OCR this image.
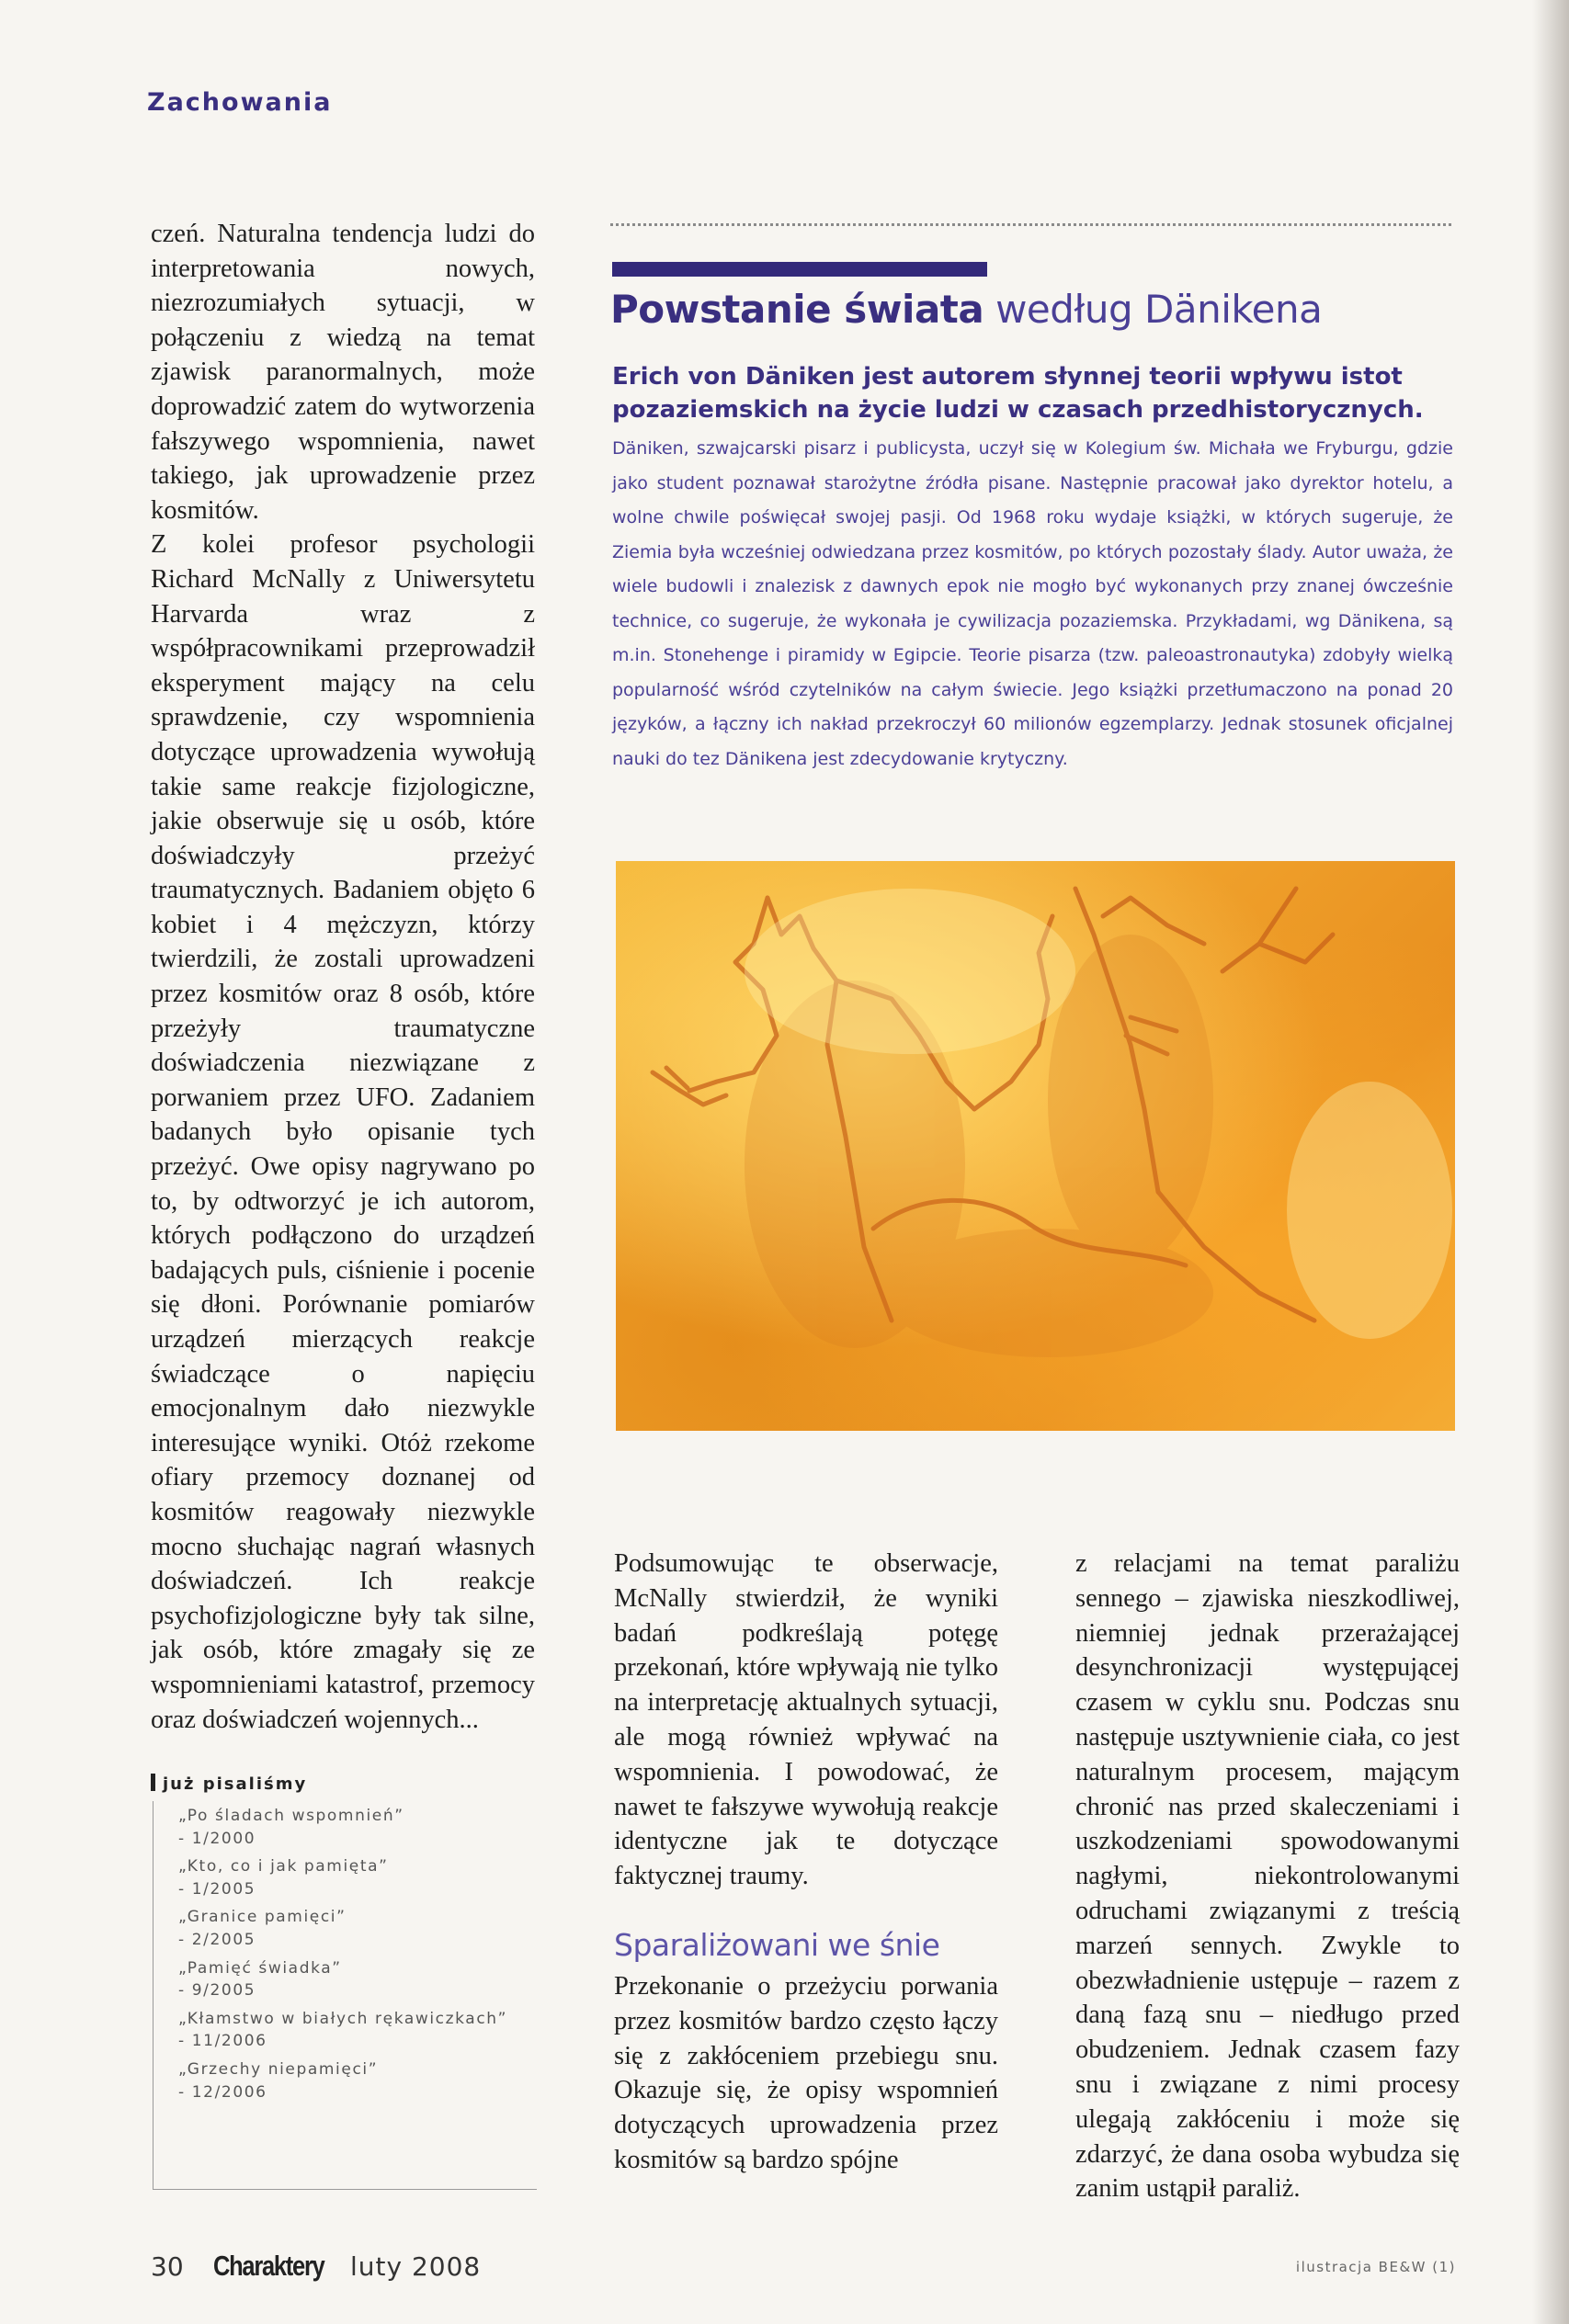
Zachowania

czeń. Naturalna tendencja ludzi do interpretowania nowych, niezrozumiałych sytuacji, w połączeniu z wiedzą na temat zjawisk paranormalnych, może doprowadzić zatem do wytworzenia fałszywego wspomnienia, nawet takiego, jak uprowadzenie przez kosmitów.

Z kolei profesor psychologii Richard McNally z Uniwersytetu Harvarda wraz z współpracownikami przeprowadził eksperyment mający na celu sprawdzenie, czy wspomnienia dotyczące uprowadzenia wywołują takie same reakcje fizjologiczne, jakie obserwuje się u osób, które doświadczyły przeżyć traumatycznych. Badaniem objęto 6 kobiet i 4 mężczyzn, którzy twierdzili, że zostali uprowadzeni przez kosmitów oraz 8 osób, które przeżyły traumatyczne doświadczenia niezwiązane z porwaniem przez UFO. Zadaniem badanych było opisanie tych przeżyć. Owe opisy nagrywano po to, by odtworzyć je ich autorom, których podłączono do urządzeń badających puls, ciśnienie i pocenie się dłoni. Porównanie pomiarów urządzeń mierzących reakcje świadczące o napięciu emocjonalnym dało niezwykle interesujące wyniki. Otóż rzekome ofiary przemocy doznanej od kosmitów reagowały niezwykle mocno słuchając nagrań własnych doświadczeń. Ich reakcje psychofizjologiczne były tak silne, jak osób, które zmagały się ze wspomnieniami katastrof, przemocy oraz doświadczeń wojennych...

Powstanie świata według Dänikena
Erich von Däniken jest autorem słynnej teorii wpływu istot pozaziemskich na życie ludzi w czasach przedhistorycznych.
Däniken, szwajcarski pisarz i publicysta, uczył się w Kolegium św. Michała we Fryburgu, gdzie jako student poznawał starożytne źródła pisane. Następnie pracował jako dyrektor hotelu, a wolne chwile poświęcał swojej pasji. Od 1968 roku wydaje książki, w których sugeruje, że Ziemia była wcześniej odwiedzana przez kosmitów, po których pozostały ślady. Autor uważa, że wiele budowli i znalezisk z dawnych epok nie mogło być wykonanych przy znanej ówcześnie technice, co sugeruje, że wykonała je cywilizacja pozaziemska. Przykładami, wg Dänikena, są m.in. Stonehenge i piramidy w Egipcie. Teorie pisarza (tzw. paleoastronautyka) zdobyły wielką popularność wśród czytelników na całym świecie. Jego książki przetłumaczono na ponad 20 języków, a łączny ich nakład przekroczył 60 milionów egzemplarzy. Jednak stosunek oficjalnej nauki do tez Dänikena jest zdecydowanie krytyczny.

Podsumowując te obserwacje, McNally stwierdził, że wyniki badań podkreślają potęgę przekonań, które wpływają nie tylko na interpretację aktualnych sytuacji, ale mogą również wpływać na wspomnienia. I powodować, że nawet te fałszywe wywołują reakcje identyczne jak te dotyczące faktycznej traumy.

Sparaliżowani we śnie

Przekonanie o przeżyciu porwania przez kosmitów bardzo często łączy się z zakłóceniem przebiegu snu. Okazuje się, że opisy wspomnień dotyczących uprowadzenia przez kosmitów są bardzo spójne

z relacjami na temat paraliżu sennego – zjawiska nieszkodliwej, niemniej jednak przerażającej desynchronizacji występującej czasem w cyklu snu. Podczas snu następuje usztywnienie ciała, co jest naturalnym procesem, mającym chronić nas przed skaleczeniami i uszkodzeniami spowodowanymi nagłymi, niekontrolowanymi odruchami związanymi z treścią marzeń sennych. Zwykle to obezwładnienie ustępuje – razem z daną fazą snu – niedługo przed obudzeniem. Jednak czasem fazy snu i związane z nimi procesy ulegają zakłóceniu i może się zdarzyć, że dana osoba wybudza się zanim ustąpił paraliż.

już pisaliśmy
„Po śladach wspomnień”
- 1/2000
„Kto, co i jak pamięta”
- 1/2005
„Granice pamięci”
- 2/2005
„Pamięć świadka”
- 9/2005
„Kłamstwo w białych rękawiczkach”
- 11/2006
„Grzechy niepamięci”
- 12/2006
30 Charaktery luty 2008	ilustracja BE&W (1)
